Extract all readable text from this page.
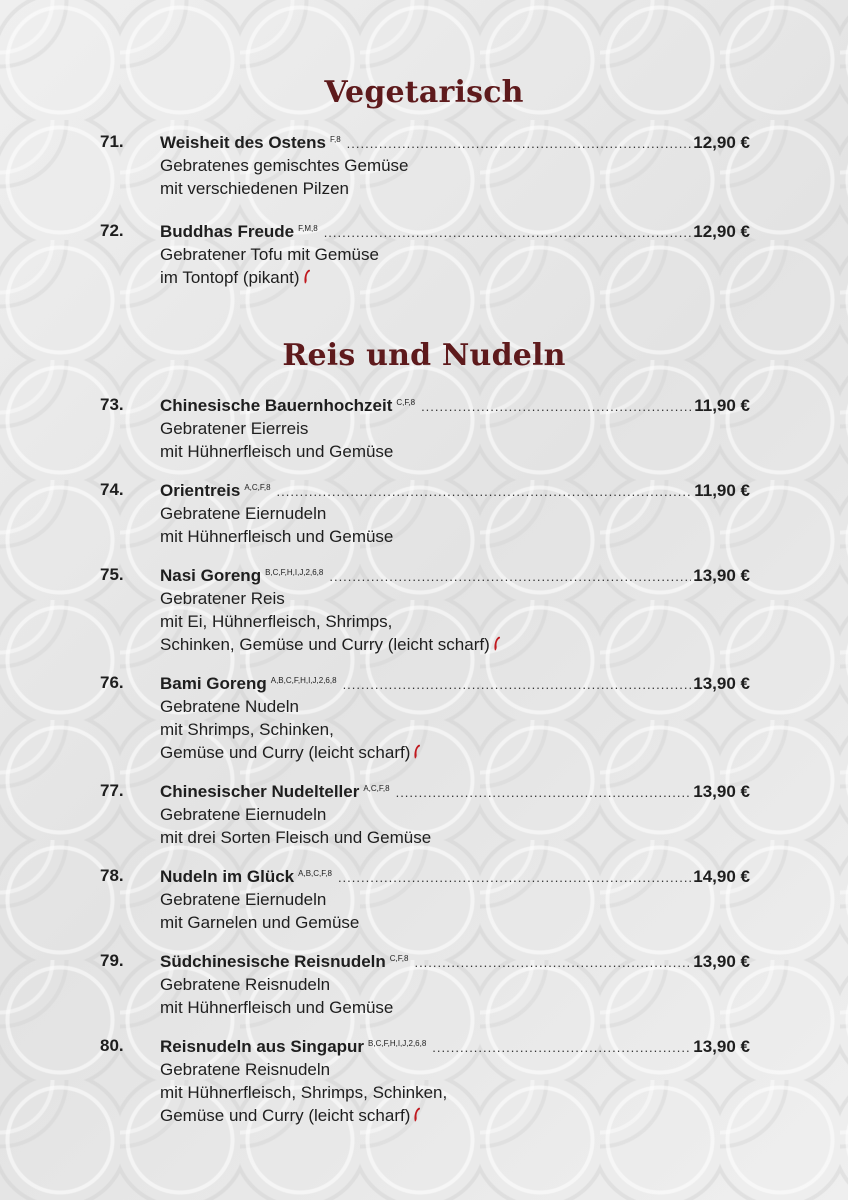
Vegetarisch
71. Weisheit des Ostens F,8 .....	12,90 €
Gebratenes gemischtes Gemüse
mit verschiedenen Pilzen
72. Buddhas Freude F,M,8 .....	12,90 €
Gebratener Tofu mit Gemüse
im Tontopf (pikant)
Reis und Nudeln
73. Chinesische Bauernhochzeit C,F,8 .....	11,90 €
Gebratener Eierreis
mit Hühnerfleisch und Gemüse
74. Orientreis A,C,F,8 .....	11,90 €
Gebratene Eiernudeln
mit Hühnerfleisch und Gemüse
75. Nasi Goreng B,C,F,H,I,J,2,6,8 .....	13,90 €
Gebratener Reis
mit Ei, Hühnerfleisch, Shrimps,
Schinken, Gemüse und Curry (leicht scharf)
76. Bami Goreng A,B,C,F,H,I,J,2,6,8 .....	13,90 €
Gebratene Nudeln
mit Shrimps, Schinken,
Gemüse und Curry (leicht scharf)
77. Chinesischer Nudelteller A,C,F,8 .....	13,90 €
Gebratene Eiernudeln
mit drei Sorten Fleisch und Gemüse
78. Nudeln im Glück A,B,C,F,8 .....	14,90 €
Gebratene Eiernudeln
mit Garnelen und Gemüse
79. Südchinesische Reisnudeln C,F,8 .....	13,90 €
Gebratene Reisnudeln
mit Hühnerfleisch und Gemüse
80. Reisnudeln aus Singapur B,C,F,H,I,J,2,6,8 .....	13,90 €
Gebratene Reisnudeln
mit Hühnerfleisch, Shrimps, Schinken,
Gemüse und Curry (leicht scharf)
